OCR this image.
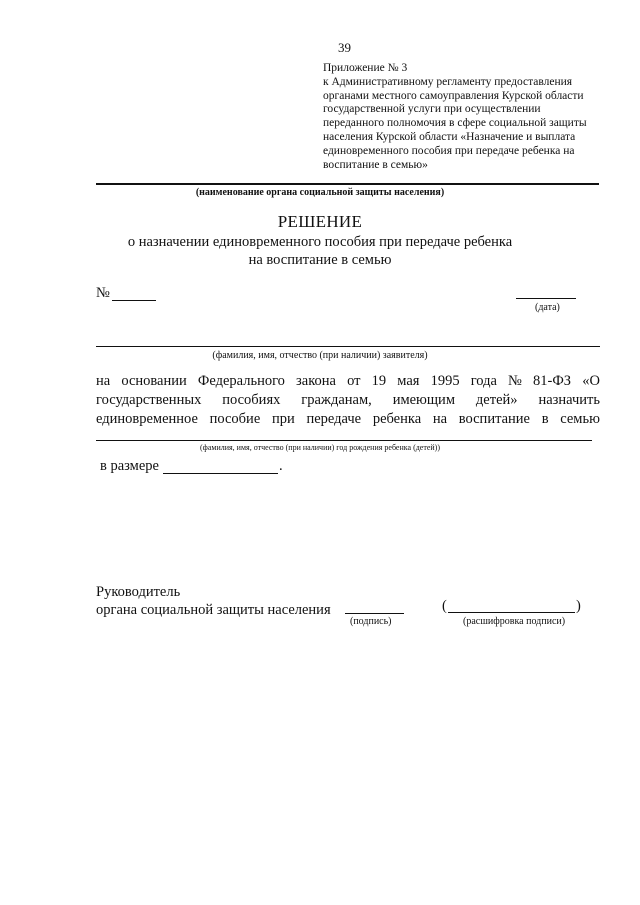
39
Приложение № 3
к Административному регламенту предоставления
органами местного самоуправления Курской области
государственной услуги при осуществлении
переданного полномочия в сфере социальной защиты
населения Курской области «Назначение и выплата
единовременного пособия при передаче ребенка на
воспитание в семью»
(наименование органа социальной защиты населения)
РЕШЕНИЕ
о назначении единовременного пособия при передаче ребенка
на воспитание в семью
№
(дата)
(фамилия, имя, отчество (при наличии) заявителя)
на основании Федерального закона от 19 мая 1995 года № 81-ФЗ «О
государственных пособиях гражданам, имеющим детей» назначить
единовременное пособие при передаче ребенка на воспитание в семью
(фамилия, имя, отчество (при наличии) год рождения ребенка (детей))
в размере	.
Руководитель
органа социальной защиты населения
(подпись)
(	)
(расшифровка подписи)
